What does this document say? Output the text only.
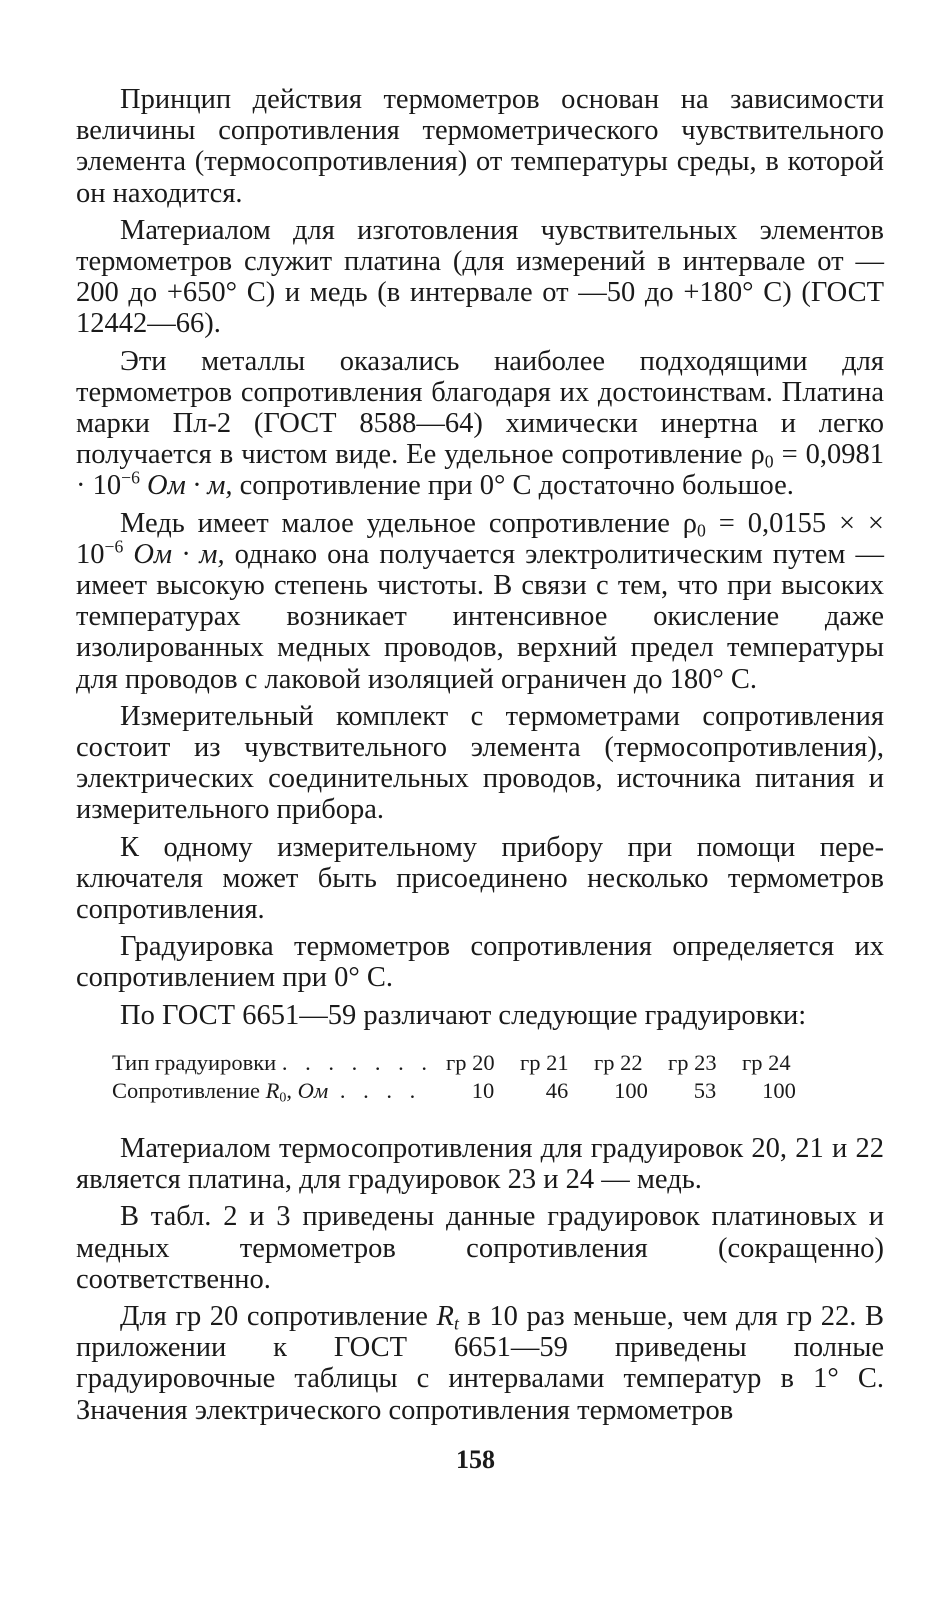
Принцип действия термометров основан на зависимости величины сопротивления термометрического чувствительного элемента (термосопротивления) от температуры среды, в которой он находится.

Материалом для изготовления чувствительных элементов термометров служит платина (для измерений в интервале от —200 до +650° С) и медь (в интервале от —50 до +180° С) (ГОСТ 12442—66).

Эти металлы оказались наиболее подходящими для термометров сопротивления благодаря их достоинствам. Платина марки Пл-2 (ГОСТ 8588—64) химически инертна и легко получается в чистом виде. Ее удельное сопротивление $\rho_0 = 0,0981 \cdot 10^{-6}$ Ом · м, сопротивление при 0° С достаточно большое.

Медь имеет малое удельное сопротивление $\rho_0 = 0,0155$ × × $10^{-6}$ Ом · м, однако она получается электролитическим путем — имеет высокую степень чистоты. В связи с тем, что при высоких температурах возникает интенсивное окисление даже изолированных медных проводов, верхний предел температуры для проводов с лаковой изоляцией ограничен до 180° С.

Измерительный комплект с термометрами сопротивления состоит из чувствительного элемента (термосопротивления), электрических соединительных проводов, источника питания и измерительного прибора.

К одному измерительному прибору при помощи переключателя может быть присоединено несколько термометров сопротивления.

Градуировка термометров сопротивления определяется их сопротивлением при 0° С.

По ГОСТ 6651—59 различают следующие градуировки:

Тип градуировки . . . . . . . гр 20	гр 21	гр 22	гр 23	гр 24
Сопротивление $R_0$, Ом . . . .	10	46	100	53	100

Материалом термосопротивления для градуировок 20, 21 и 22 является платина, для градуировок 23 и 24 — медь.

В табл. 2 и 3 приведены данные градуировок платиновых и медных термометров сопротивления (сокращенно) соответственно.

Для гр 20 сопротивление $R_t$ в 10 раз меньше, чем для гр 22. В приложении к ГОСТ 6651—59 приведены полные градуировочные таблицы с интервалами температур в 1° С. Значения электрического сопротивления термометров

158
